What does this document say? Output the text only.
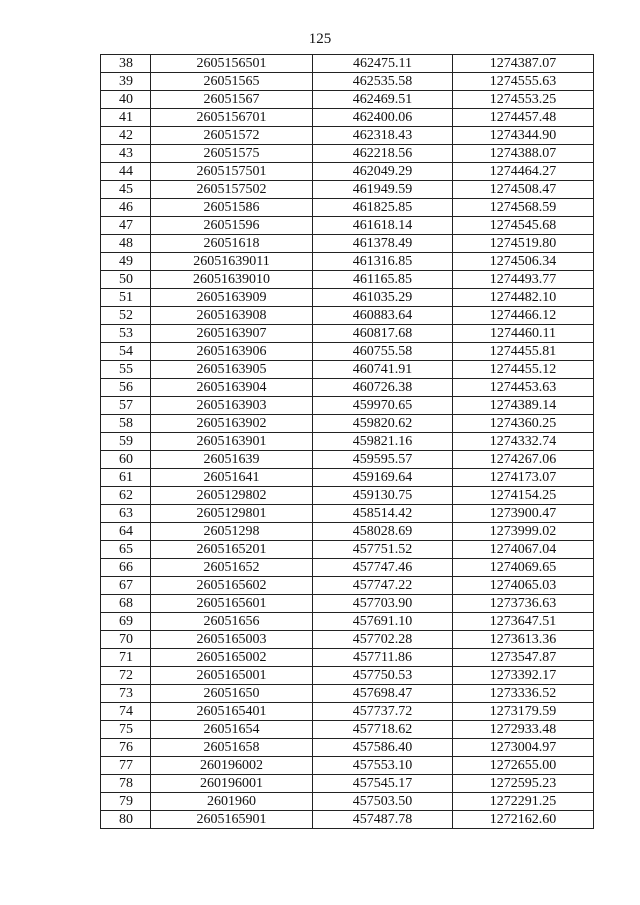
125
38	2605156501	462475.11	1274387.07
39	26051565	462535.58	1274555.63
40	26051567	462469.51	1274553.25
41	2605156701	462400.06	1274457.48
42	26051572	462318.43	1274344.90
43	26051575	462218.56	1274388.07
44	2605157501	462049.29	1274464.27
45	2605157502	461949.59	1274508.47
46	26051586	461825.85	1274568.59
47	26051596	461618.14	1274545.68
48	26051618	461378.49	1274519.80
49	26051639011	461316.85	1274506.34
50	26051639010	461165.85	1274493.77
51	2605163909	461035.29	1274482.10
52	2605163908	460883.64	1274466.12
53	2605163907	460817.68	1274460.11
54	2605163906	460755.58	1274455.81
55	2605163905	460741.91	1274455.12
56	2605163904	460726.38	1274453.63
57	2605163903	459970.65	1274389.14
58	2605163902	459820.62	1274360.25
59	2605163901	459821.16	1274332.74
60	26051639	459595.57	1274267.06
61	26051641	459169.64	1274173.07
62	2605129802	459130.75	1274154.25
63	2605129801	458514.42	1273900.47
64	26051298	458028.69	1273999.02
65	2605165201	457751.52	1274067.04
66	26051652	457747.46	1274069.65
67	2605165602	457747.22	1274065.03
68	2605165601	457703.90	1273736.63
69	26051656	457691.10	1273647.51
70	2605165003	457702.28	1273613.36
71	2605165002	457711.86	1273547.87
72	2605165001	457750.53	1273392.17
73	26051650	457698.47	1273336.52
74	2605165401	457737.72	1273179.59
75	26051654	457718.62	1272933.48
76	26051658	457586.40	1273004.97
77	260196002	457553.10	1272655.00
78	260196001	457545.17	1272595.23
79	2601960	457503.50	1272291.25
80	2605165901	457487.78	1272162.60
